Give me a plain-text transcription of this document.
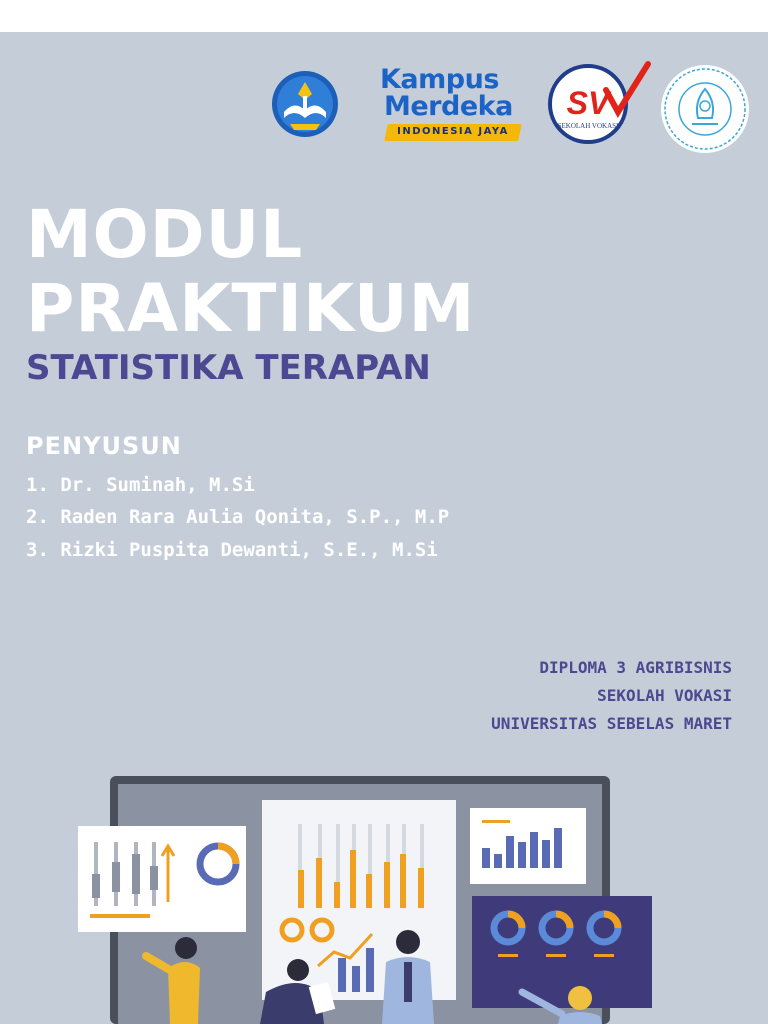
Kampus
Merdeka
INDONESIA JAYA
SV
SEKOLAH VOKASI
MODUL
PRAKTIKUM
STATISTIKA TERAPAN
PENYUSUN
1. Dr. Suminah, M.Si
2. Raden Rara Aulia Qonita, S.P., M.P
3. Rizki Puspita Dewanti, S.E., M.Si
DIPLOMA 3 AGRIBISNIS
SEKOLAH VOKASI
UNIVERSITAS SEBELAS MARET
